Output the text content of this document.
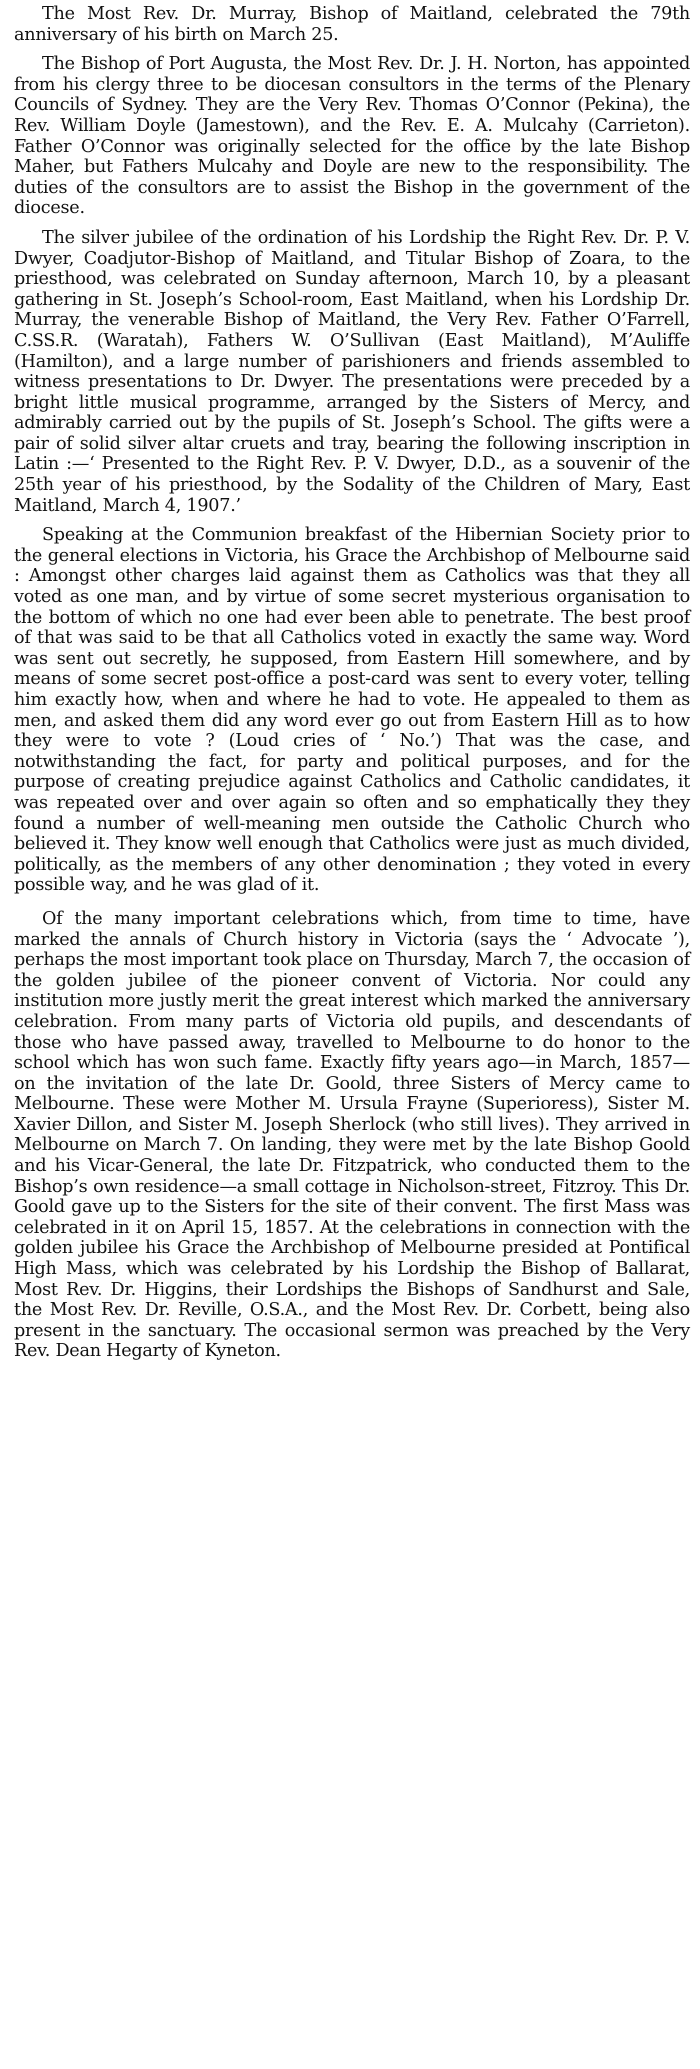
The Most Rev. Dr. Murray, Bishop of Maitland, celebrated the 79th anniversary of his birth on March 25.

The Bishop of Port Augusta, the Most Rev. Dr. J. H. Norton, has appointed from his clergy three to be diocesan consultors in the terms of the Plenary Councils of Sydney. They are the Very Rev. Thomas O’Connor (Pekina), the Rev. William Doyle (Jamestown), and the Rev. E. A. Mulcahy (Carrieton). Father O’Connor was originally selected for the office by the late Bishop Maher, but Fathers Mulcahy and Doyle are new to the responsibility. The duties of the consultors are to assist the Bishop in the government of the diocese.

The silver jubilee of the ordination of his Lordship the Right Rev. Dr. P. V. Dwyer, Coadjutor-Bishop of Maitland, and Titular Bishop of Zoara, to the priesthood, was celebrated on Sunday afternoon, March 10, by a pleasant gathering in St. Joseph’s School-room, East Maitland, when his Lordship Dr. Murray, the venerable Bishop of Maitland, the Very Rev. Father O’Farrell, C.SS.R. (Waratah), Fathers W. O’Sullivan (East Maitland), M’Auliffe (Hamilton), and a large number of parishioners and friends assembled to witness presentations to Dr. Dwyer. The presentations were preceded by a bright little musical programme, arranged by the Sisters of Mercy, and admirably carried out by the pupils of St. Joseph’s School. The gifts were a pair of solid silver altar cruets and tray, bearing the following inscription in Latin :—‘ Presented to the Right Rev. P. V. Dwyer, D.D., as a souvenir of the 25th year of his priesthood, by the Sodality of the Children of Mary, East Maitland, March 4, 1907.’

Speaking at the Communion breakfast of the Hibernian Society prior to the general elections in Victoria, his Grace the Archbishop of Melbourne said : Amongst other charges laid against them as Catholics was that they all voted as one man, and by virtue of some secret mysterious organisation to the bottom of which no one had ever been able to penetrate. The best proof of that was said to be that all Catholics voted in exactly the same way. Word was sent out secretly, he supposed, from Eastern Hill somewhere, and by means of some secret post-office a post-card was sent to every voter, telling him exactly how, when and where he had to vote. He appealed to them as men, and asked them did any word ever go out from Eastern Hill as to how they were to vote ? (Loud cries of ‘ No.’) That was the case, and notwithstanding the fact, for party and political purposes, and for the purpose of creating prejudice against Catholics and Catholic candidates, it was repeated over and over again so often and so emphatically they they found a number of well-meaning men outside the Catholic Church who believed it. They know well enough that Catholics were just as much divided, politically, as the members of any other denomination ; they voted in every possible way, and he was glad of it.

Of the many important celebrations which, from time to time, have marked the annals of Church history in Victoria (says the ‘ Advocate ’), perhaps the most important took place on Thursday, March 7, the occasion of the golden jubilee of the pioneer convent of Victoria. Nor could any institution more justly merit the great interest which marked the anniversary celebration. From many parts of Victoria old pupils, and descendants of those who have passed away, travelled to Melbourne to do honor to the school which has won such fame. Exactly fifty years ago—in March, 1857—on the invitation of the late Dr. Goold, three Sisters of Mercy came to Melbourne. These were Mother M. Ursula Frayne (Superioress), Sister M. Xavier Dillon, and Sister M. Joseph Sherlock (who still lives). They arrived in Melbourne on March 7. On landing, they were met by the late Bishop Goold and his Vicar-General, the late Dr. Fitzpatrick, who conducted them to the Bishop’s own residence—a small cottage in Nicholson-street, Fitzroy. This Dr. Goold gave up to the Sisters for the site of their convent. The first Mass was celebrated in it on April 15, 1857. At the celebrations in connection with the golden jubilee his Grace the Archbishop of Melbourne presided at Pontifical High Mass, which was celebrated by his Lordship the Bishop of Ballarat, Most Rev. Dr. Higgins, their Lordships the Bishops of Sandhurst and Sale, the Most Rev. Dr. Reville, O.S.A., and the Most Rev. Dr. Corbett, being also present in the sanctuary. The occasional sermon was preached by the Very Rev. Dean Hegarty of Kyneton.
